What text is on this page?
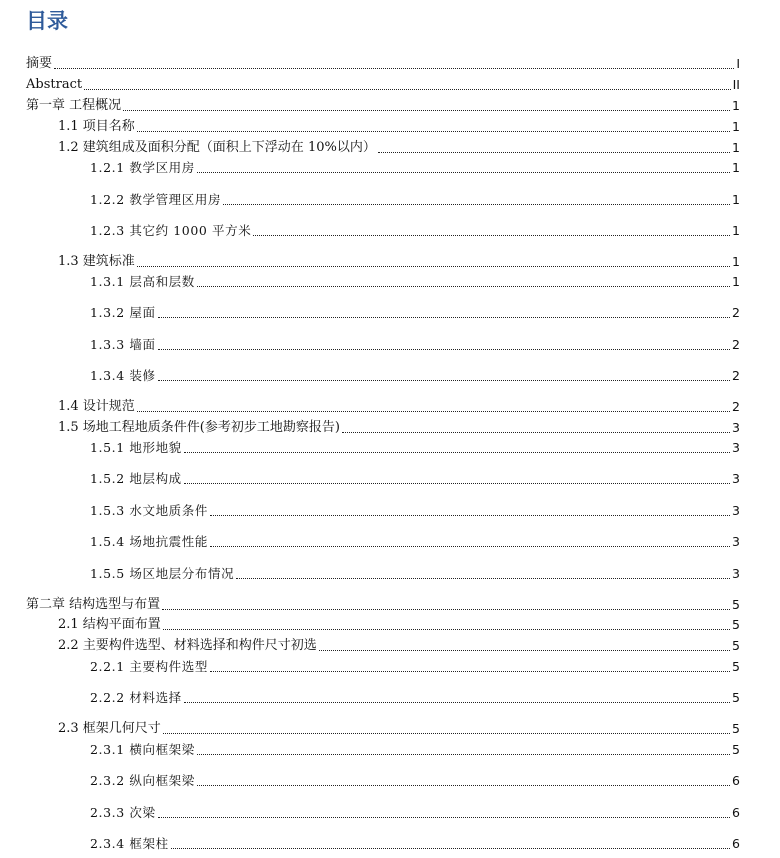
目录
摘要	I
Abstract	II
第一章 工程概况	1
1.1 项目名称	1
1.2 建筑组成及面积分配（面积上下浮动在 10%以内）	1
1.2.1 教学区用房	1
1.2.2 教学管理区用房	1
1.2.3 其它约 1000 平方米	1
1.3 建筑标准	1
1.3.1 层高和层数	1
1.3.2 屋面	2
1.3.3 墙面	2
1.3.4 装修	2
1.4 设计规范	2
1.5 场地工程地质条件件(参考初步工地勘察报告)	3
1.5.1 地形地貌	3
1.5.2 地层构成	3
1.5.3 水文地质条件	3
1.5.4 场地抗震性能	3
1.5.5 场区地层分布情况	3
第二章 结构选型与布置	5
2.1 结构平面布置	5
2.2 主要构件选型、材料选择和构件尺寸初选	5
2.2.1 主要构件选型	5
2.2.2 材料选择	5
2.3 框架几何尺寸	5
2.3.1 横向框架梁	5
2.3.2 纵向框架梁	6
2.3.3 次梁	6
2.3.4 框架柱	6
